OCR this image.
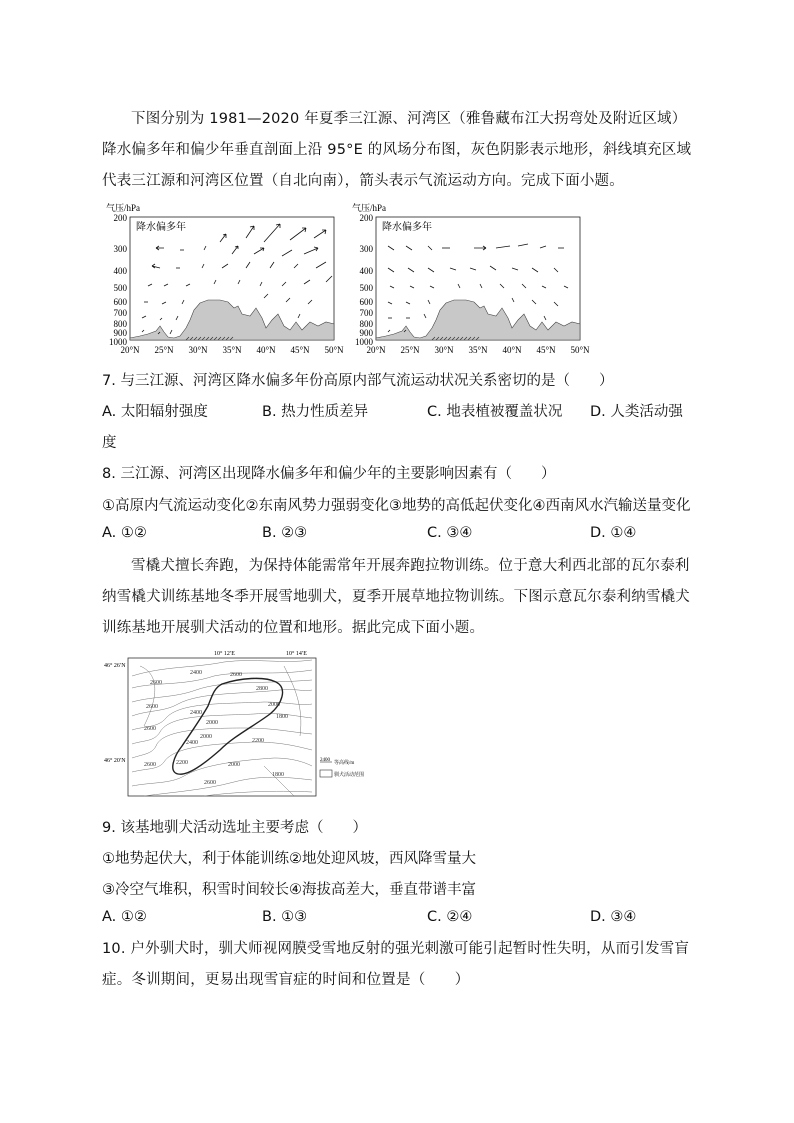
下图分别为 1981—2020 年夏季三江源、河湾区（雅鲁藏布江大拐弯处及附近区域）降水偏多年和偏少年垂直剖面上沿 95°E 的风场分布图，灰色阴影表示地形，斜线填充区域代表三江源和河湾区位置（自北向南），箭头表示气流运动方向。完成下面小题。
气压/hPa
降水偏多年
200
300
400
500
600
700
800
900
1000
20°N 25°N 30°N 35°N 40°N 45°N 50°N
气压/hPa
降水偏多年
200
300
400
500
600
700
800
900
1000
20°N 25°N 30°N 35°N 40°N 45°N 50°N
7. 与三江源、河湾区降水偏多年份高原内部气流运动状况关系密切的是（　　）
A. 太阳辐射强度	B. 热力性质差异	C. 地表植被覆盖状况 D. 人类活动强
度
8. 三江源、河湾区出现降水偏多年和偏少年的主要影响因素有（　　）
①高原内气流运动变化②东南风势力强弱变化③地势的高低起伏变化④西南风水汽输送量变化
A. ①②	B. ②③	C. ③④	D. ①④
雪橇犬擅长奔跑，为保持体能需常年开展奔跑拉物训练。位于意大利西北部的瓦尔泰利纳雪橇犬训练基地冬季开展雪地驯犬，夏季开展草地拉物训练。下图示意瓦尔泰利纳雪橇犬训练基地开展驯犬活动的位置和地形。据此完成下面小题。
10° 12′E	10° 14′E
46° 26′N
46° 20′N
2600
2400	2600
2800
2600	2000
2400
2000
1800
2000
2600
2400	2200
2200	2000
2600
2600
1800
2400
等高线/m
驯犬活动范围
9. 该基地驯犬活动选址主要考虑（　　）
①地势起伏大，利于体能训练②地处迎风坡，西风降雪量大
③冷空气堆积，积雪时间较长④海拔高差大，垂直带谱丰富
A. ①②	B. ①③	C. ②④	D. ③④
10. 户外驯犬时，驯犬师视网膜受雪地反射的强光刺激可能引起暂时性失明，从而引发雪盲症。冬训期间，更易出现雪盲症的时间和位置是（　　）
